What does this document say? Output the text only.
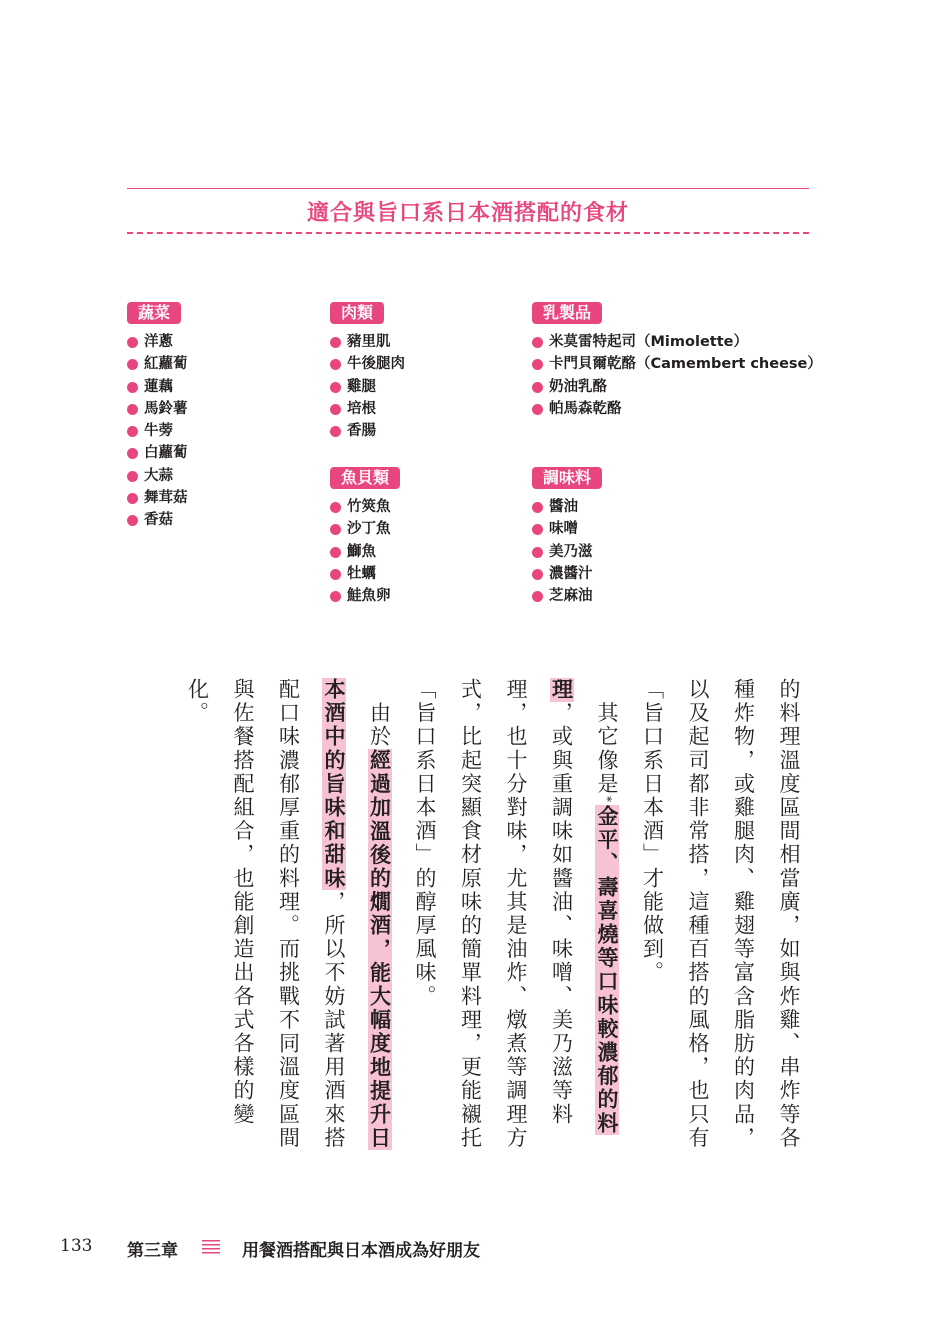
適合與旨口系日本酒搭配的食材
蔬菜
洋蔥
紅蘿蔔
蓮藕
馬鈴薯
牛蒡
白蘿蔔
大蒜
舞茸菇
香菇
肉類
豬里肌
牛後腿肉
雞腿
培根
香腸
乳製品
米莫雷特起司（Mimolette）
卡門貝爾乾酪（Camembert cheese）
奶油乳酪
帕馬森乾酪
魚貝類
竹筴魚
沙丁魚
鰤魚
牡蠣
鮭魚卵
調味料
醬油
味噌
美乃滋
濃醬汁
芝麻油

的料理溫度區間相當廣，如與炸雞、串炸等各種炸物，或雞腿肉、雞翅等富含脂肪的肉品，以及起司都非常搭，這種百搭的風格，也只有「旨口系日本酒」才能做到。

　其它像是*金平、壽喜燒等口味較濃郁的料理，或與重調味如醬油、味噌、美乃滋等料理，也十分對味，尤其是油炸、燉煮等調理方式，比起突顯食材原味的簡單料理，更能襯托「旨口系日本酒」的醇厚風味。

　由於經過加溫後的燗酒，能大幅度地提升日本酒中的旨味和甜味，所以不妨試著用酒來搭配口味濃郁厚重的料理。而挑戰不同溫度區間與佐餐搭配組合，也能創造出各式各樣的變化。

133 第三章	用餐酒搭配與日本酒成為好朋友
